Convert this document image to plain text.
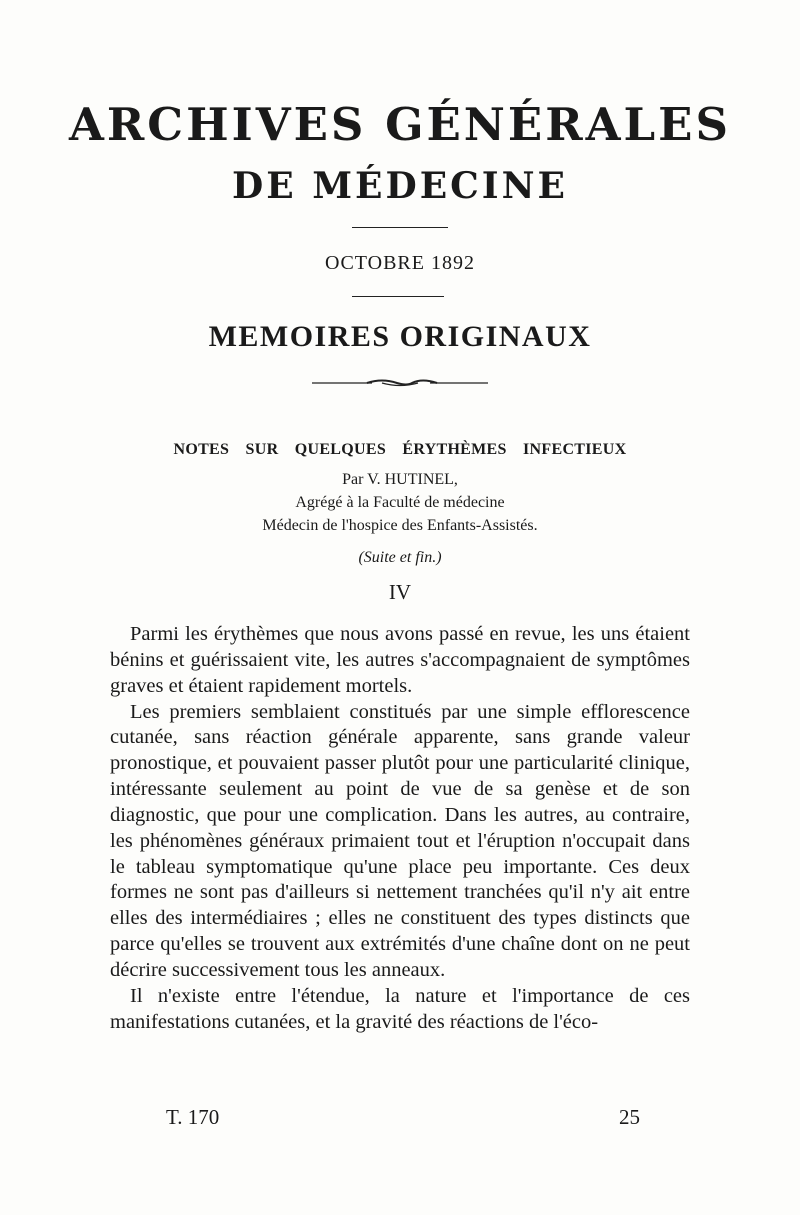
ARCHIVES GÉNÉRALES
DE MÉDECINE
OCTOBRE 1892
MEMOIRES ORIGINAUX
NOTES SUR QUELQUES ÉRYTHÈMES INFECTIEUX
Par V. HUTINEL,
Agrégé à la Faculté de médecine
Médecin de l'hospice des Enfants-Assistés.
(Suite et fin.)
IV

Parmi les érythèmes que nous avons passé en revue, les uns étaient bénins et guérissaient vite, les autres s'accompagnaient de symptômes graves et étaient rapidement mortels.

Les premiers semblaient constitués par une simple efflorescence cutanée, sans réaction générale apparente, sans grande valeur pronostique, et pouvaient passer plutôt pour une particularité clinique, intéressante seulement au point de vue de sa genèse et de son diagnostic, que pour une complication. Dans les autres, au contraire, les phénomènes généraux primaient tout et l'éruption n'occupait dans le tableau symptomatique qu'une place peu importante. Ces deux formes ne sont pas d'ailleurs si nettement tranchées qu'il n'y ait entre elles des intermédiaires ; elles ne constituent des types distincts que parce qu'elles se trouvent aux extrémités d'une chaîne dont on ne peut décrire successivement tous les anneaux.

Il n'existe entre l'étendue, la nature et l'importance de ces manifestations cutanées, et la gravité des réactions de l'éco-

T. 170	25
